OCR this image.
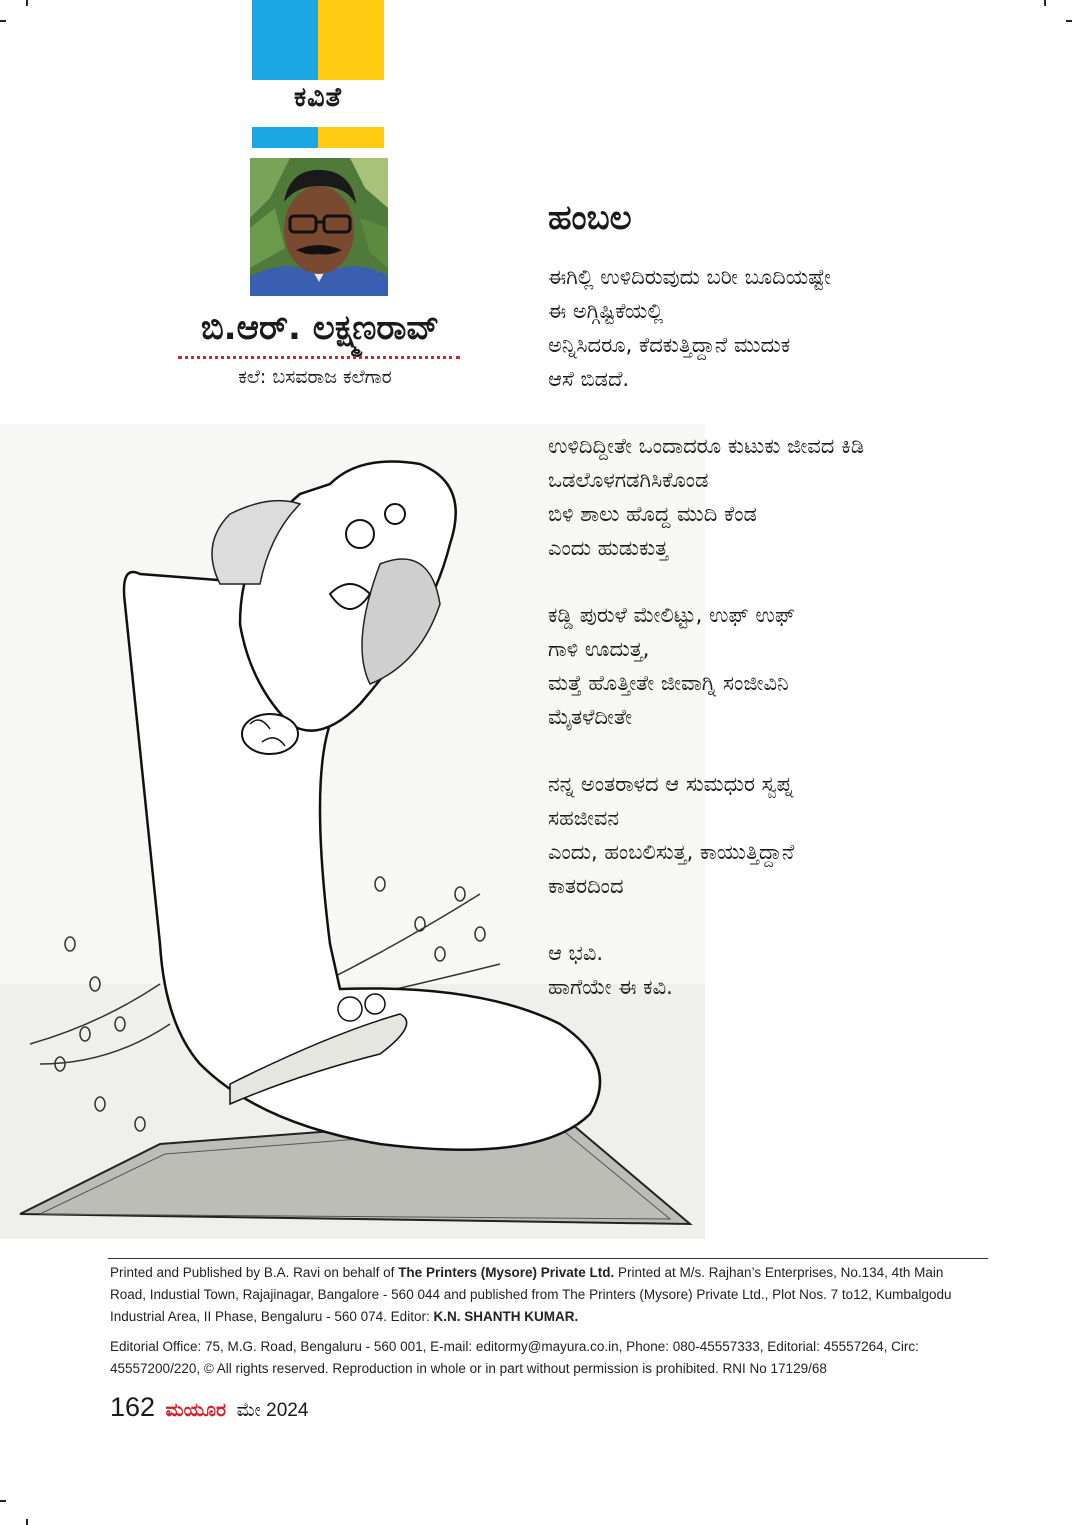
ಕವಿತೆ
ಬಿ.ಆರ್. ಲಕ್ಷ್ಮಣರಾವ್
ಕಲೆ: ಬಸವರಾಜ ಕಲೆಗಾರ
ಹಂಬಲ
ಈಗಿಲ್ಲಿ ಉಳಿದಿರುವುದು ಬರೀ ಬೂದಿಯಷ್ಟೇ
ಈ ಅಗ್ಗಿಷ್ಟಿಕೆಯಲ್ಲಿ
ಅನ್ನಿಸಿದರೂ, ಕೆದಕುತ್ತಿದ್ದಾನೆ ಮುದುಕ
ಆಸೆ ಬಿಡದೆ.
ಉಳಿದಿದ್ದೀತೇ ಒಂದಾದರೂ ಕುಟುಕು ಜೀವದ ಕಿಡಿ
ಒಡಲೊಳಗಡಗಿಸಿಕೊಂಡ
ಬಿಳಿ ಶಾಲು ಹೊದ್ದ ಮುದಿ ಕೆಂಡ
ಎಂದು ಹುಡುಕುತ್ತ
ಕಡ್ಡಿ ಪುರುಳೆ ಮೇಲಿಟ್ಟು, ಉಫ್ ಉಫ್
ಗಾಳಿ ಊದುತ್ತ,
ಮತ್ತೆ ಹೊತ್ತೀತೇ ಜೀವಾಗ್ನಿ ಸಂಜೀವಿನಿ
ಮೈತಳೆದೀತೇ
ನನ್ನ ಅಂತರಾಳದ ಆ ಸುಮಧುರ ಸ್ವಪ್ನ
ಸಹಜೀವನ
ಎಂದು, ಹಂಬಲಿಸುತ್ತ, ಕಾಯುತ್ತಿದ್ದಾನೆ
ಕಾತರದಿಂದ
ಆ ಭವಿ.
ಹಾಗೆಯೇ ಈ ಕವಿ.
Printed and Published by B.A. Ravi on behalf of The Printers (Mysore) Private Ltd. Printed at M/s. Rajhan’s Enterprises, No.134, 4th Main Road, Industial Town, Rajajinagar, Bangalore - 560 044 and published from The Printers (Mysore) Private Ltd., Plot Nos. 7 to12, Kumbalgodu Industrial Area, II Phase, Bengaluru - 560 074. Editor: K.N. SHANTH KUMAR.
Editorial Office: 75, M.G. Road, Bengaluru - 560 001, E-mail: editormy@mayura.co.in, Phone: 080-45557333, Editorial: 45557264, Circ: 45557200/220, © All rights reserved. Reproduction in whole or in part without permission is prohibited. RNI No 17129/68
162 ಮಯೂರ ಮೇ 2024
